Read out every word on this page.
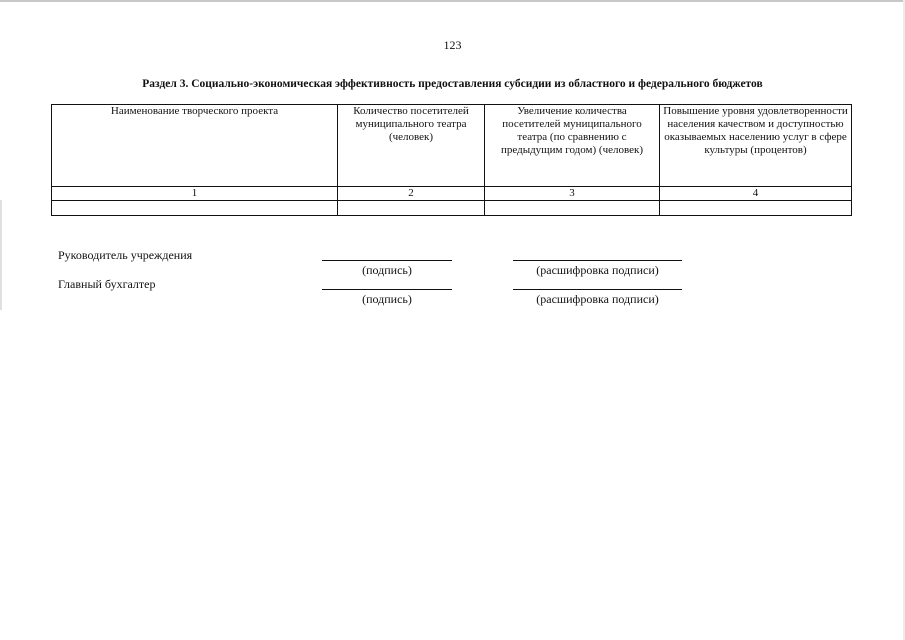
123
Раздел 3. Социально-экономическая эффективность предоставления субсидии из областного и федерального бюджетов
Наименование творческого проекта	Количество посетителей муниципального театра (человек)	Увеличение количества посетителей муниципального театра (по сравнению с предыдущим годом) (человек)	Повышение уровня удовлетворенности населения качеством и доступностью оказываемых населению услуг в сфере культуры (процентов)
1	2	3	4

Руководитель учреждения
(подпись)	(расшифровка подписи)
Главный бухгалтер
(подпись)	(расшифровка подписи)
